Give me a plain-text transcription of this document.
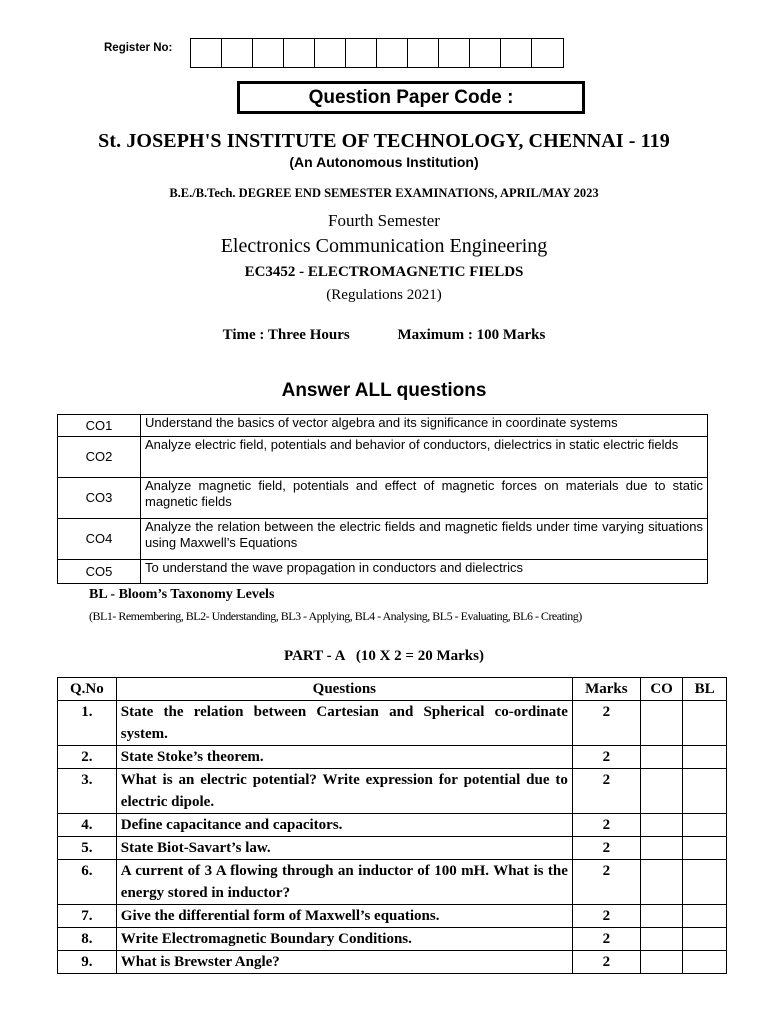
Register No:
Question Paper Code :
St. JOSEPH'S INSTITUTE OF TECHNOLOGY, CHENNAI - 119
(An Autonomous Institution)
B.E./B.Tech. DEGREE END SEMESTER EXAMINATIONS, APRIL/MAY 2023
Fourth Semester
Electronics Communication Engineering
EC3452 - ELECTROMAGNETIC FIELDS
(Regulations 2021)
Time : Three Hours	Maximum : 100 Marks
Answer ALL questions
CO1	Understand the basics of vector algebra and its significance in coordinate systems
CO2	Analyze electric field, potentials and behavior of conductors, dielectrics in static electric fields
CO3	Analyze magnetic field, potentials and effect of magnetic forces on materials due to static magnetic fields
CO4	Analyze the relation between the electric fields and magnetic fields under time varying situations using Maxwell’s Equations
CO5	To understand the wave propagation in conductors and dielectrics
BL - Bloom’s Taxonomy Levels
(BL1- Remembering, BL2- Understanding, BL3 - Applying, BL4 - Analysing, BL5 - Evaluating, BL6 - Creating)
PART - A   (10 X 2 = 20 Marks)
Q.No	Questions	Marks	CO	BL
1.	State the relation between Cartesian and Spherical co-ordinate system.	2		
2.	State Stoke’s theorem.	2		
3.	What is an electric potential? Write expression for potential due to electric dipole.	2		
4.	Define capacitance and capacitors.	2		
5.	State Biot-Savart’s law.	2		
6.	A current of 3 A flowing through an inductor of 100 mH. What is the energy stored in inductor?	2		
7.	Give the differential form of Maxwell’s equations.	2		
8.	Write Electromagnetic Boundary Conditions.	2		
9.	What is Brewster Angle?	2		
